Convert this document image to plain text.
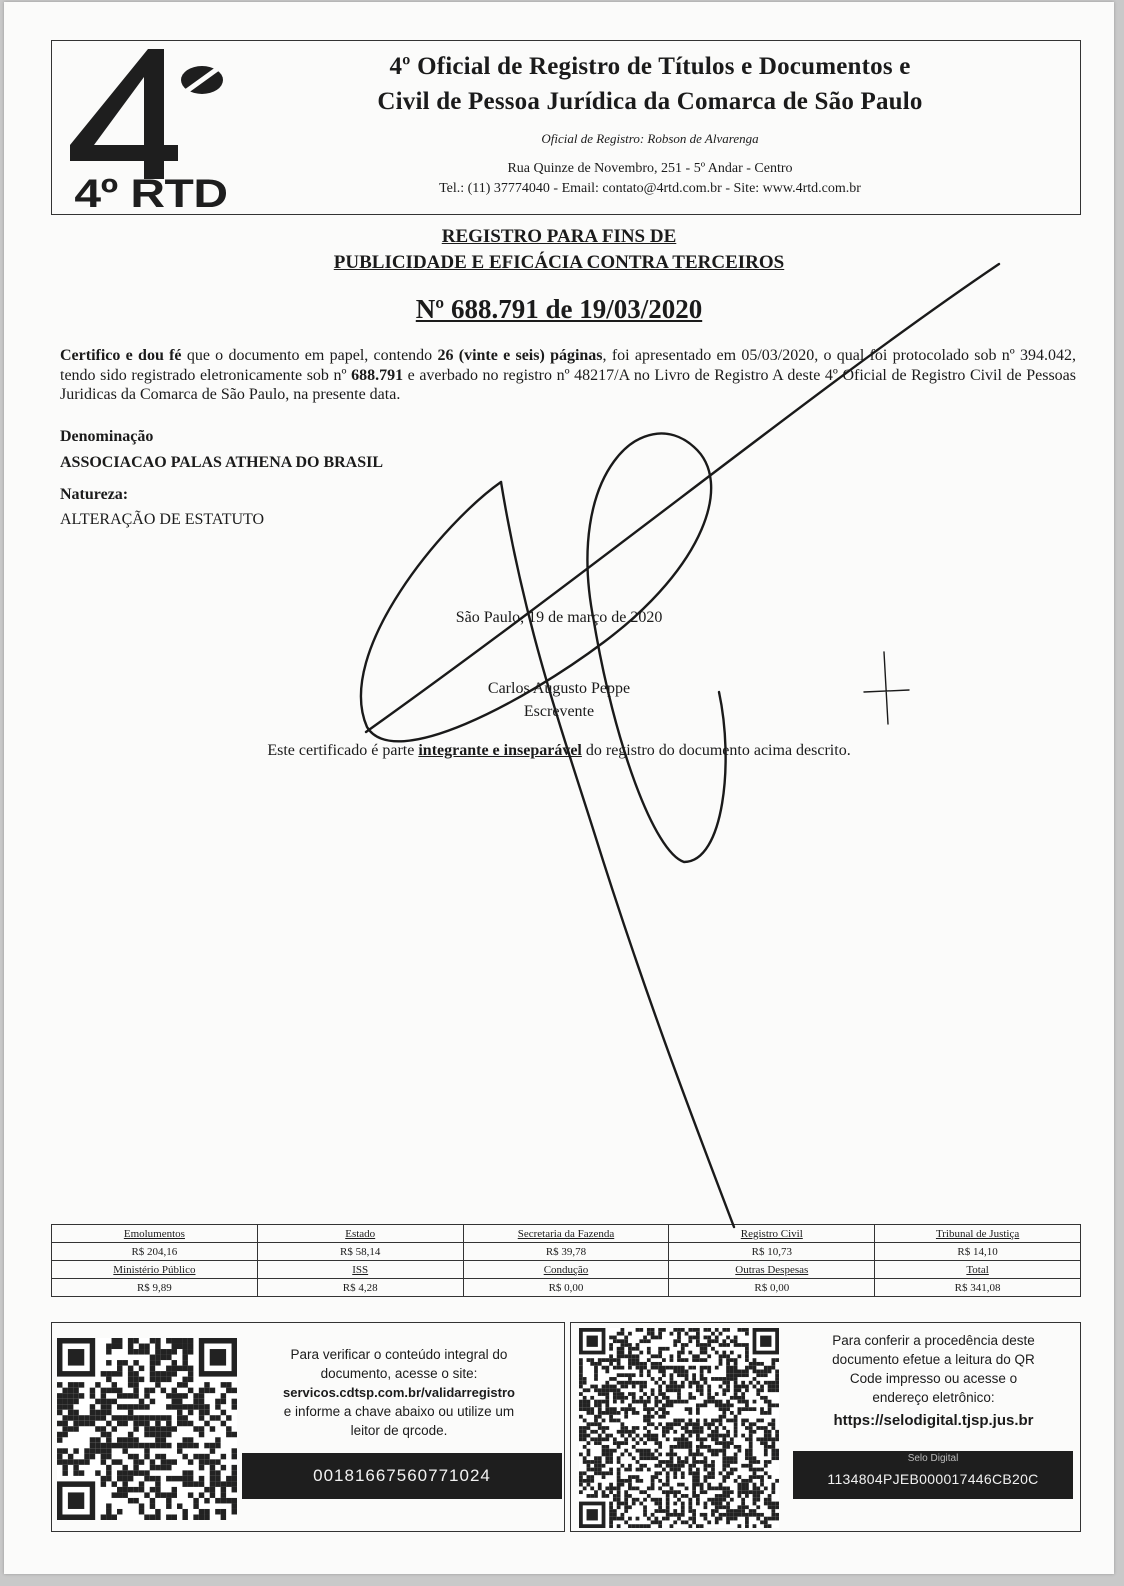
4º RTD
4º Oficial de Registro de Títulos e Documentos e
Civil de Pessoa Jurídica da Comarca de São Paulo
Oficial de Registro: Robson de Alvarenga
Rua Quinze de Novembro, 251 - 5º Andar - Centro
Tel.: (11) 37774040 - Email: contato@4rtd.com.br - Site: www.4rtd.com.br
REGISTRO PARA FINS DE
PUBLICIDADE E EFICÁCIA CONTRA TERCEIROS
Nº 688.791 de 19/03/2020
Certifico e dou fé que o documento em papel, contendo 26 (vinte e seis) páginas, foi apresentado em 05/03/2020, o qual foi protocolado sob nº 394.042, tendo sido registrado eletronicamente sob nº 688.791 e averbado no registro nº 48217/A no Livro de Registro A deste 4º Oficial de Registro Civil de Pessoas Juridicas da Comarca de São Paulo, na presente data.
Denominação
ASSOCIACAO PALAS ATHENA DO BRASIL
Natureza:
ALTERAÇÃO DE ESTATUTO
São Paulo, 19 de março de 2020
Carlos Augusto Peppe
Escrevente
Este certificado é parte integrante e inseparável do registro do documento acima descrito.
Emolumentos	Estado	Secretaria da Fazenda	Registro Civil	Tribunal de Justiça
R$ 204,16	R$ 58,14	R$ 39,78	R$ 10,73	R$ 14,10
Ministério Público	ISS	Condução	Outras Despesas	Total
R$ 9,89	R$ 4,28	R$ 0,00	R$ 0,00	R$ 341,08
Para verificar o conteúdo integral do
documento, acesse o site:
servicos.cdtsp.com.br/validarregistro
e informe a chave abaixo ou utilize um
leitor de qrcode.
00181667560771024
Para conferir a procedência deste
documento efetue a leitura do QR
Code impresso ou acesse o
endereço eletrônico:
https://selodigital.tjsp.jus.br
Selo Digital
1134804PJEB000017446CB20C
